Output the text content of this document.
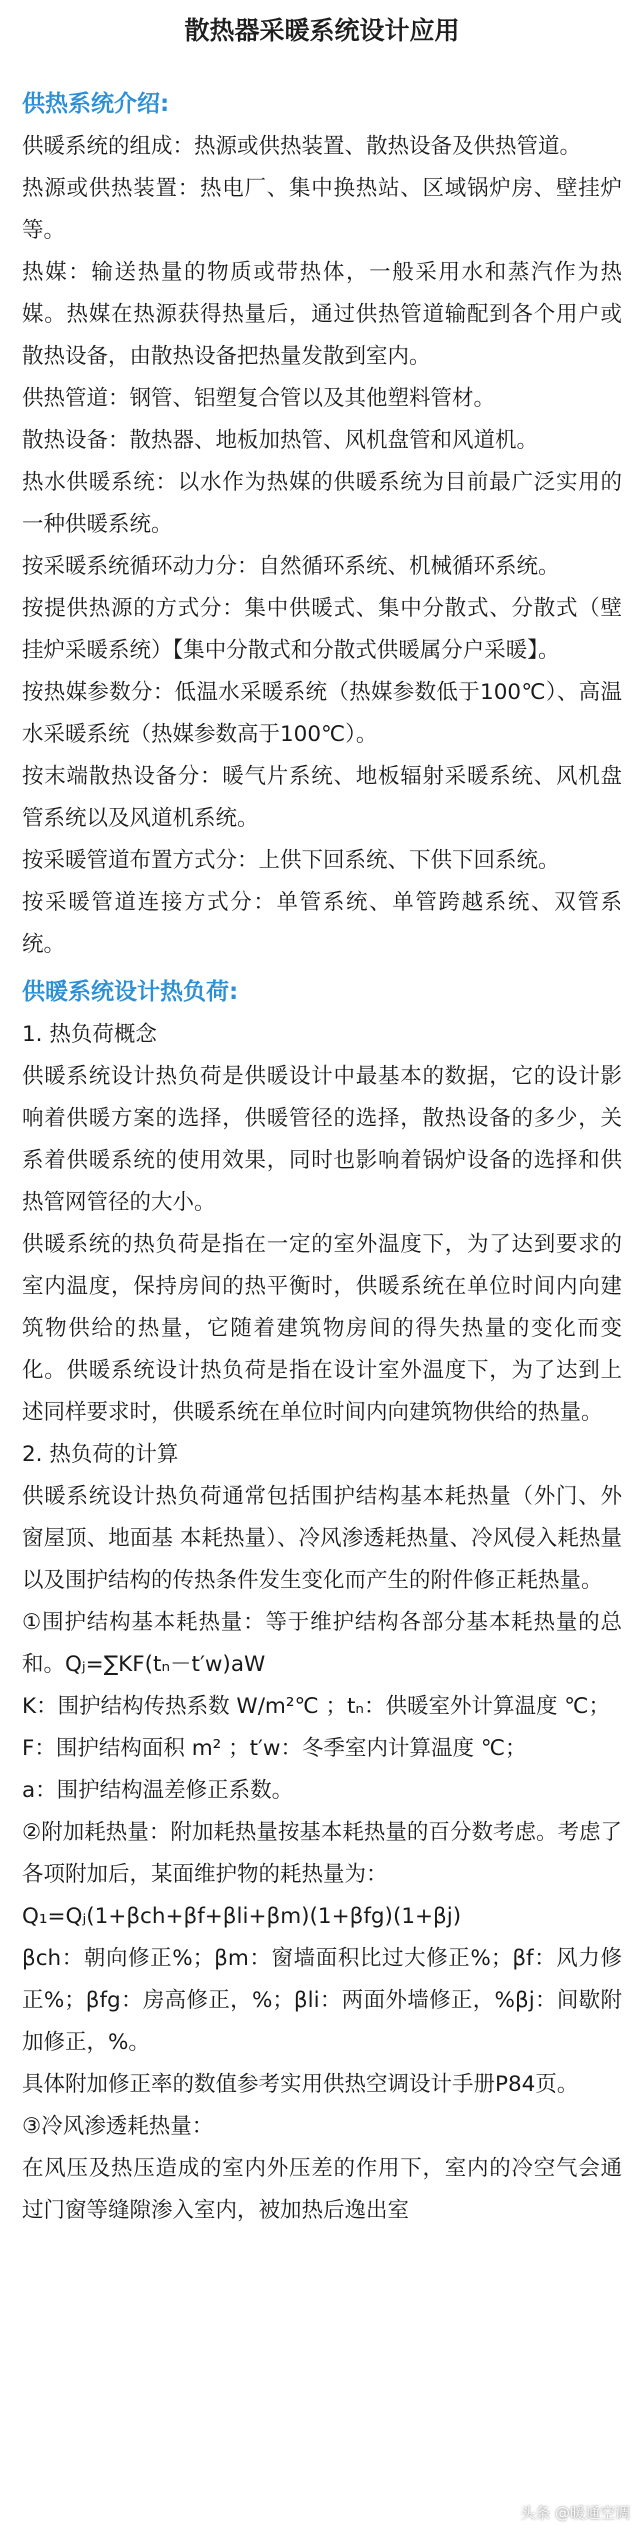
散热器采暖系统设计应用
供热系统介绍:

供暖系统的组成：热源或供热装置、散热设备及供热管道。

热源或供热装置：热电厂、集中换热站、区域锅炉房、壁挂炉等。

热媒：输送热量的物质或带热体，一般采用水和蒸汽作为热媒。热媒在热源获得热量后，通过供热管道输配到各个用户或散热设备，由散热设备把热量发散到室内。

供热管道：钢管、铝塑复合管以及其他塑料管材。

散热设备：散热器、地板加热管、风机盘管和风道机。

热水供暖系统：以水作为热媒的供暖系统为目前最广泛实用的一种供暖系统。

按采暖系统循环动力分：自然循环系统、机械循环系统。

按提供热源的方式分：集中供暖式、集中分散式、分散式（壁挂炉采暖系统）【集中分散式和分散式供暖属分户采暖】。

按热媒参数分：低温水采暖系统（热媒参数低于100℃）、高温水采暖系统（热媒参数高于100℃）。

按末端散热设备分：暖气片系统、地板辐射采暖系统、风机盘管系统以及风道机系统。

按采暖管道布置方式分：上供下回系统、下供下回系统。

按采暖管道连接方式分：单管系统、单管跨越系统、双管系统。

供暖系统设计热负荷:

1. 热负荷概念

供暖系统设计热负荷是供暖设计中最基本的数据，它的设计影响着供暖方案的选择，供暖管径的选择，散热设备的多少，关系着供暖系统的使用效果，同时也影响着锅炉设备的选择和供热管网管径的大小。

供暖系统的热负荷是指在一定的室外温度下，为了达到要求的室内温度，保持房间的热平衡时，供暖系统在单位时间内向建筑物供给的热量，它随着建筑物房间的得失热量的变化而变化。供暖系统设计热负荷是指在设计室外温度下，为了达到上述同样要求时，供暖系统在单位时间内向建筑物供给的热量。

2. 热负荷的计算

供暖系统设计热负荷通常包括围护结构基本耗热量（外门、外窗屋顶、地面基 本耗热量）、冷风渗透耗热量、冷风侵入耗热量以及围护结构的传热条件发生变化而产生的附件修正耗热量。

①围护结构基本耗热量：等于维护结构各部分基本耗热量的总和。Qⱼ=∑KF(tₙ－t′w)aW

K：围护结构传热系数 W/m²℃ ；tₙ：供暖室外计算温度 ℃；

F：围护结构面积 m² ；t′w：冬季室内计算温度 ℃；

a：围护结构温差修正系数。

②附加耗热量：附加耗热量按基本耗热量的百分数考虑。考虑了各项附加后，某面维护物的耗热量为：

Q₁=Qⱼ(1+βch+βf+βli+βm)(1+βfg)(1+βj)

βch：朝向修正%；βm：窗墙面积比过大修正%；βf：风力修正%；βfg：房高修正，%；βli：两面外墙修正，%βj：间歇附加修正，%。

具体附加修正率的数值参考实用供热空调设计手册P84页。

③冷风渗透耗热量：

在风压及热压造成的室内外压差的作用下，室内的冷空气会通过门窗等缝隙渗入室内，被加热后逸出室

头条 @暖通空调
